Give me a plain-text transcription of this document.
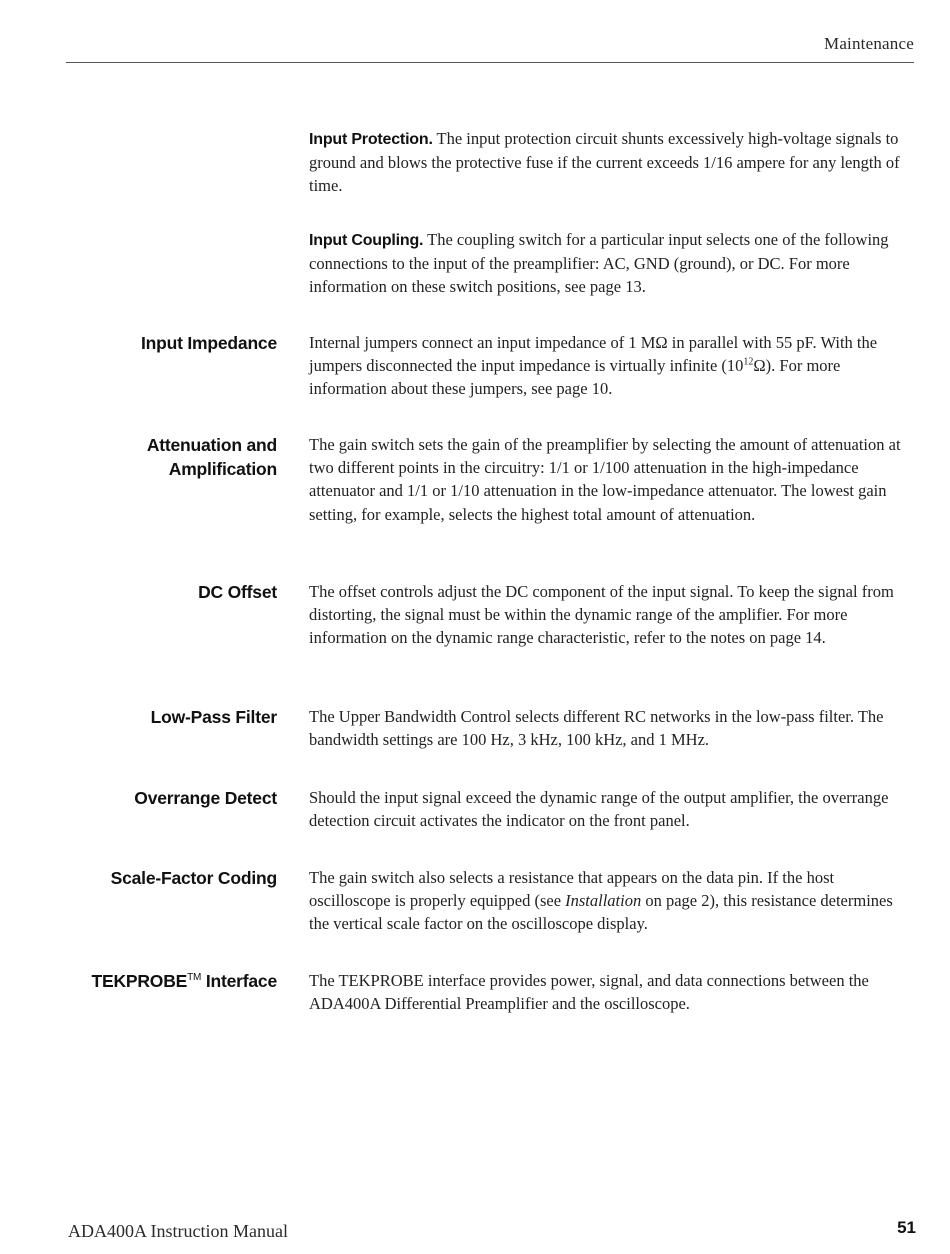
Maintenance
Input Protection. The input protection circuit shunts excessively high-voltage signals to ground and blows the protective fuse if the current exceeds 1/16 ampere for any length of time.
Input Coupling. The coupling switch for a particular input selects one of the following connections to the input of the preamplifier: AC, GND (ground), or DC. For more information on these switch positions, see page 13.
Input Impedance Internal jumpers connect an input impedance of 1 MΩ in parallel with 55 pF. With the jumpers disconnected the input impedance is virtually infinite $(10^{12}\Omega)$. For more information about these jumpers, see page 10.
Attenuation and
Amplification
The gain switch sets the gain of the preamplifier by selecting the amount of attenuation at two different points in the circuitry: 1/1 or 1/100 attenuation in the high-impedance attenuator and 1/1 or 1/10 attenuation in the low-impedance attenuator. The lowest gain setting, for example, selects the highest total amount of attenuation.
DC Offset The offset controls adjust the DC component of the input signal. To keep the signal from distorting, the signal must be within the dynamic range of the amplifier. For more information on the dynamic range characteristic, refer to the notes on page 14.
Low-Pass Filter The Upper Bandwidth Control selects different RC networks in the low-pass filter. The bandwidth settings are 100 Hz, 3 kHz, 100 kHz, and 1 MHz.
Overrange Detect Should the input signal exceed the dynamic range of the output amplifier, the overrange detection circuit activates the indicator on the front panel.
Scale-Factor Coding The gain switch also selects a resistance that appears on the data pin. If the host oscilloscope is properly equipped (see Installation on page 2), this resistance determines the vertical scale factor on the oscilloscope display.
TEKPROBE™ Interface The TEKPROBE interface provides power, signal, and data connections between the ADA400A Differential Preamplifier and the oscilloscope.
ADA400A Instruction Manual	51
